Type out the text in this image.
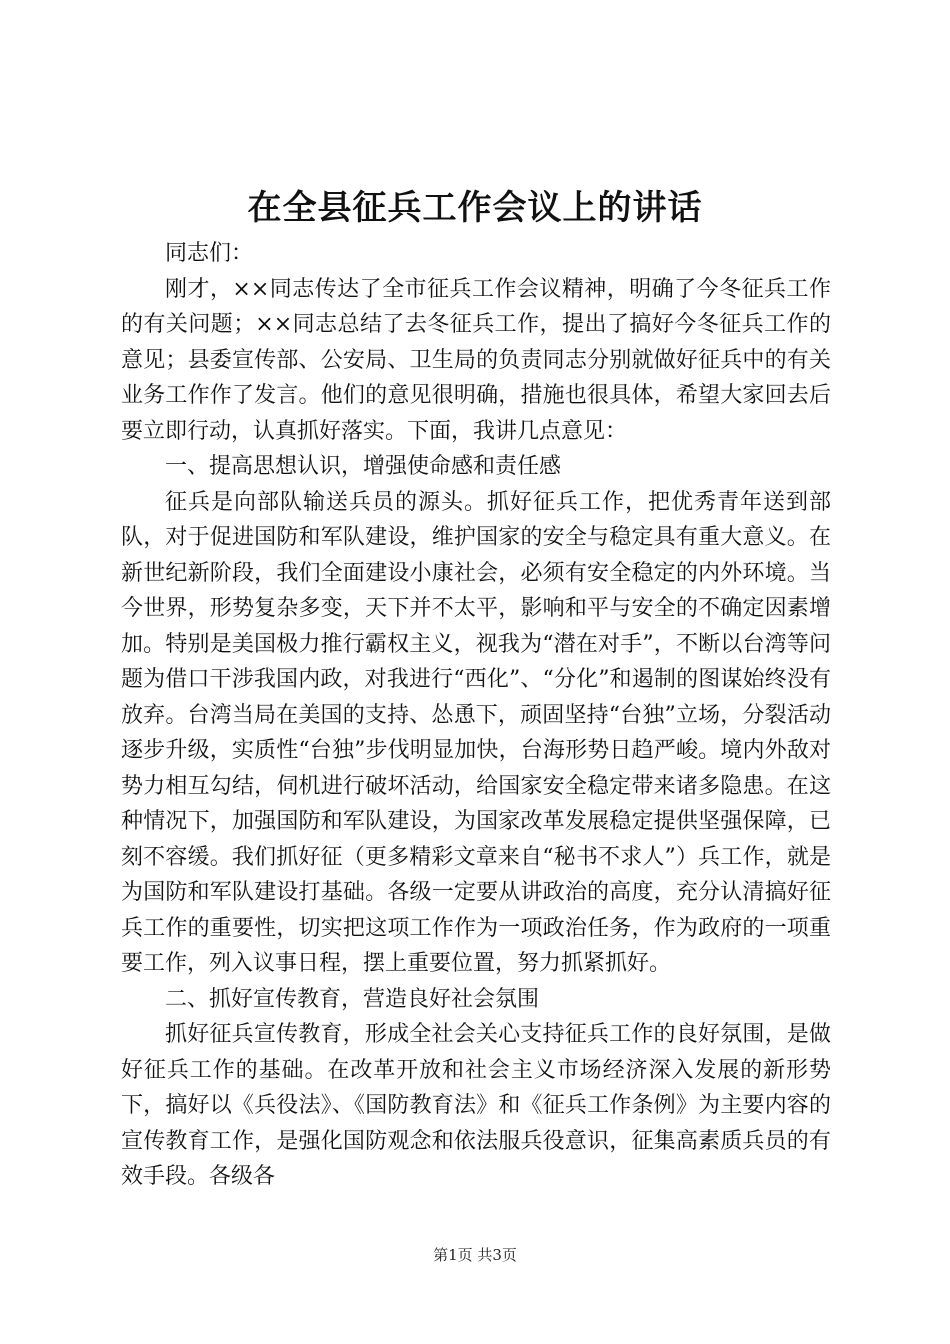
在全县征兵工作会议上的讲话

同志们：

刚才，××同志传达了全市征兵工作会议精神，明确了今冬征兵工作的有关问题；××同志总结了去冬征兵工作，提出了搞好今冬征兵工作的意见；县委宣传部、公安局、卫生局的负责同志分别就做好征兵中的有关业务工作作了发言。他们的意见很明确，措施也很具体，希望大家回去后要立即行动，认真抓好落实。下面，我讲几点意见：

一、提高思想认识，增强使命感和责任感

征兵是向部队输送兵员的源头。抓好征兵工作，把优秀青年送到部队，对于促进国防和军队建设，维护国家的安全与稳定具有重大意义。在新世纪新阶段，我们全面建设小康社会，必须有安全稳定的内外环境。当今世界，形势复杂多变，天下并不太平，影响和平与安全的不确定因素增加。特别是美国极力推行霸权主义，视我为“潜在对手”，不断以台湾等问题为借口干涉我国内政，对我进行“西化”、“分化”和遏制的图谋始终没有放弃。台湾当局在美国的支持、怂恿下，顽固坚持“台独”立场，分裂活动逐步升级，实质性“台独”步伐明显加快，台海形势日趋严峻。境内外敌对势力相互勾结，伺机进行破坏活动，给国家安全稳定带来诸多隐患。在这种情况下，加强国防和军队建设，为国家改革发展稳定提供坚强保障，已刻不容缓。我们抓好征（更多精彩文章来自“秘书不求人”）兵工作，就是为国防和军队建设打基础。各级一定要从讲政治的高度，充分认清搞好征兵工作的重要性，切实把这项工作作为一项政治任务，作为政府的一项重要工作，列入议事日程，摆上重要位置，努力抓紧抓好。

二、抓好宣传教育，营造良好社会氛围

抓好征兵宣传教育，形成全社会关心支持征兵工作的良好氛围，是做好征兵工作的基础。在改革开放和社会主义市场经济深入发展的新形势下，搞好以《兵役法》、《国防教育法》和《征兵工作条例》为主要内容的宣传教育工作，是强化国防观念和依法服兵役意识，征集高素质兵员的有效手段。各级各

第1页 共3页
